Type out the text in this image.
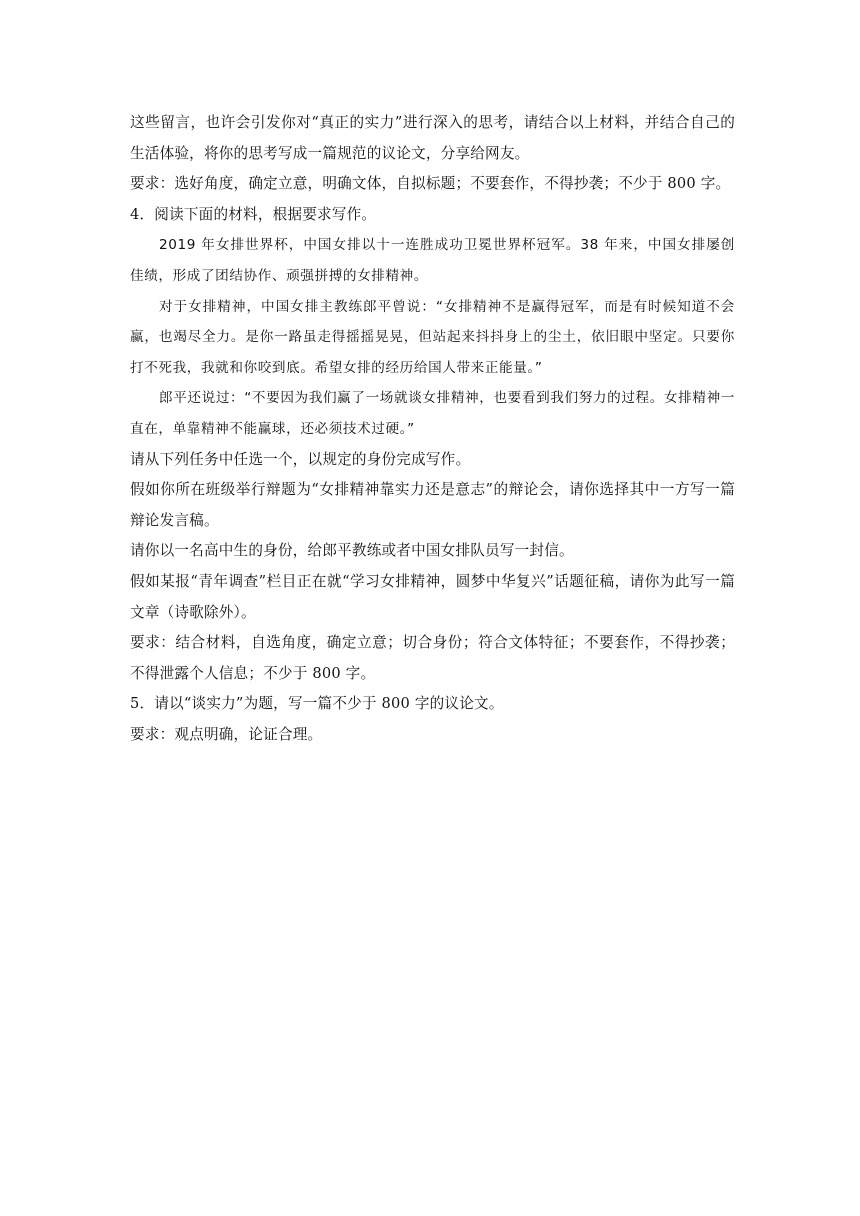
这些留言，也许会引发你对“真正的实力”进行深入的思考，请结合以上材料，并结合自己的生活体验，将你的思考写成一篇规范的议论文，分享给网友。

要求：选好角度，确定立意，明确文体，自拟标题；不要套作，不得抄袭；不少于 800 字。

4．阅读下面的材料，根据要求写作。

2019 年女排世界杯，中国女排以十一连胜成功卫冕世界杯冠军。38 年来，中国女排屡创佳绩，形成了团结协作、顽强拼搏的女排精神。

对于女排精神，中国女排主教练郎平曾说：“女排精神不是赢得冠军，而是有时候知道不会赢，也竭尽全力。是你一路虽走得摇摇晃晃，但站起来抖抖身上的尘土，依旧眼中坚定。只要你打不死我，我就和你咬到底。希望女排的经历给国人带来正能量。”

郎平还说过：“不要因为我们赢了一场就谈女排精神，也要看到我们努力的过程。女排精神一直在，单靠精神不能赢球，还必须技术过硬。”

请从下列任务中任选一个，以规定的身份完成写作。

假如你所在班级举行辩题为“女排精神靠实力还是意志”的辩论会，请你选择其中一方写一篇辩论发言稿。

请你以一名高中生的身份，给郎平教练或者中国女排队员写一封信。

假如某报“青年调查”栏目正在就“学习女排精神，圆梦中华复兴”话题征稿，请你为此写一篇文章（诗歌除外）。

要求：结合材料，自选角度，确定立意；切合身份；符合文体特征；不要套作，不得抄袭；不得泄露个人信息；不少于 800 字。

5．请以“谈实力”为题，写一篇不少于 800 字的议论文。

要求：观点明确，论证合理。
